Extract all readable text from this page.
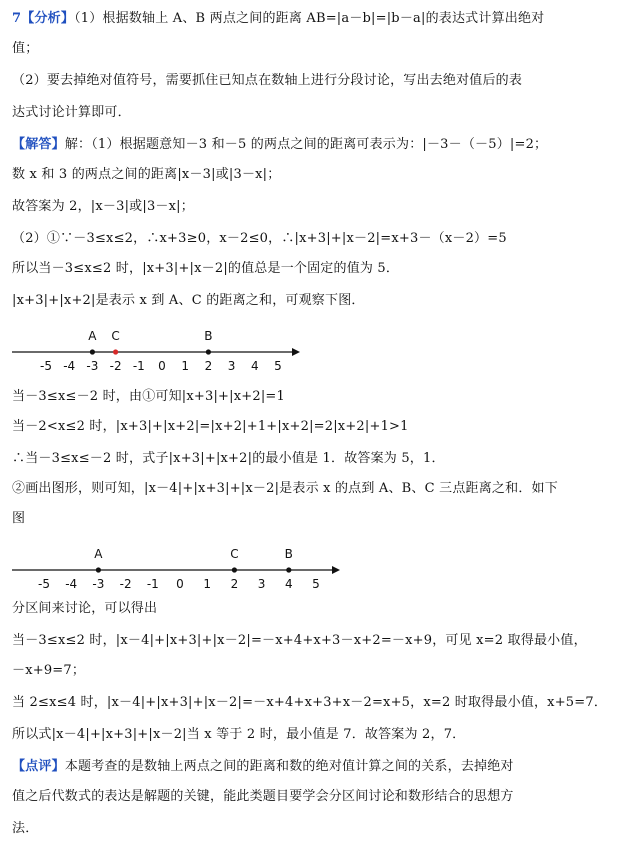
7【分析】（1）根据数轴上 A、B 两点之间的距离 AB=|a－b|=|b－a|的表达式计算出绝对
值；
（2）要去掉绝对值符号，需要抓住已知点在数轴上进行分段讨论，写出去绝对值后的表
达式讨论计算即可．
【解答】解：（1）根据题意知－3 和－5 的两点之间的距离可表示为：|－3－（－5）|=2；
数 x 和 3 的两点之间的距离|x－3|或|3－x|；
故答案为 2，|x－3|或|3－x|；
（2）①∵－3≤x≤2，∴x+3≥0，x－2≤0，∴|x+3|+|x－2|=x+3－（x－2）=5
所以当－3≤x≤2 时，|x+3|+|x－2|的值总是一个固定的值为 5．
|x+3|+|x+2|是表示 x 到 A、C 的距离之和，可观察下图．
当－3≤x≤－2 时，由①可知|x+3|+|x+2|=1
当－2<x≤2 时，|x+3|+|x+2|=|x+2|+1+|x+2|=2|x+2|+1>1
∴当－3≤x≤－2 时，式子|x+3|+|x+2|的最小值是 1．故答案为 5，1．
②画出图形，则可知，|x－4|+|x+3|+|x－2|是表示 x 的点到 A、B、C 三点距离之和．如下
图
分区间来讨论，可以得出
当－3≤x≤2 时，|x－4|+|x+3|+|x－2|=－x+4+x+3－x+2=－x+9，可见 x=2 取得最小值，
－x+9=7；
当 2≤x≤4 时，|x－4|+|x+3|+|x－2|=－x+4+x+3+x－2=x+5，x=2 时取得最小值，x+5=7．
所以式|x－4|+|x+3|+|x－2|当 x 等于 2 时，最小值是 7．故答案为 2，7．
【点评】本题考查的是数轴上两点之间的距离和数的绝对值计算之间的关系，去掉绝对
值之后代数式的表达是解题的关键，能此类题目要学会分区间讨论和数形结合的思想方
法．
-5 -4 -3 -2 -1 0 1 2 3 4 5
A C	B
-5 -4 -3 -2 -1 0 1 2 3 4 5
A	C	B
